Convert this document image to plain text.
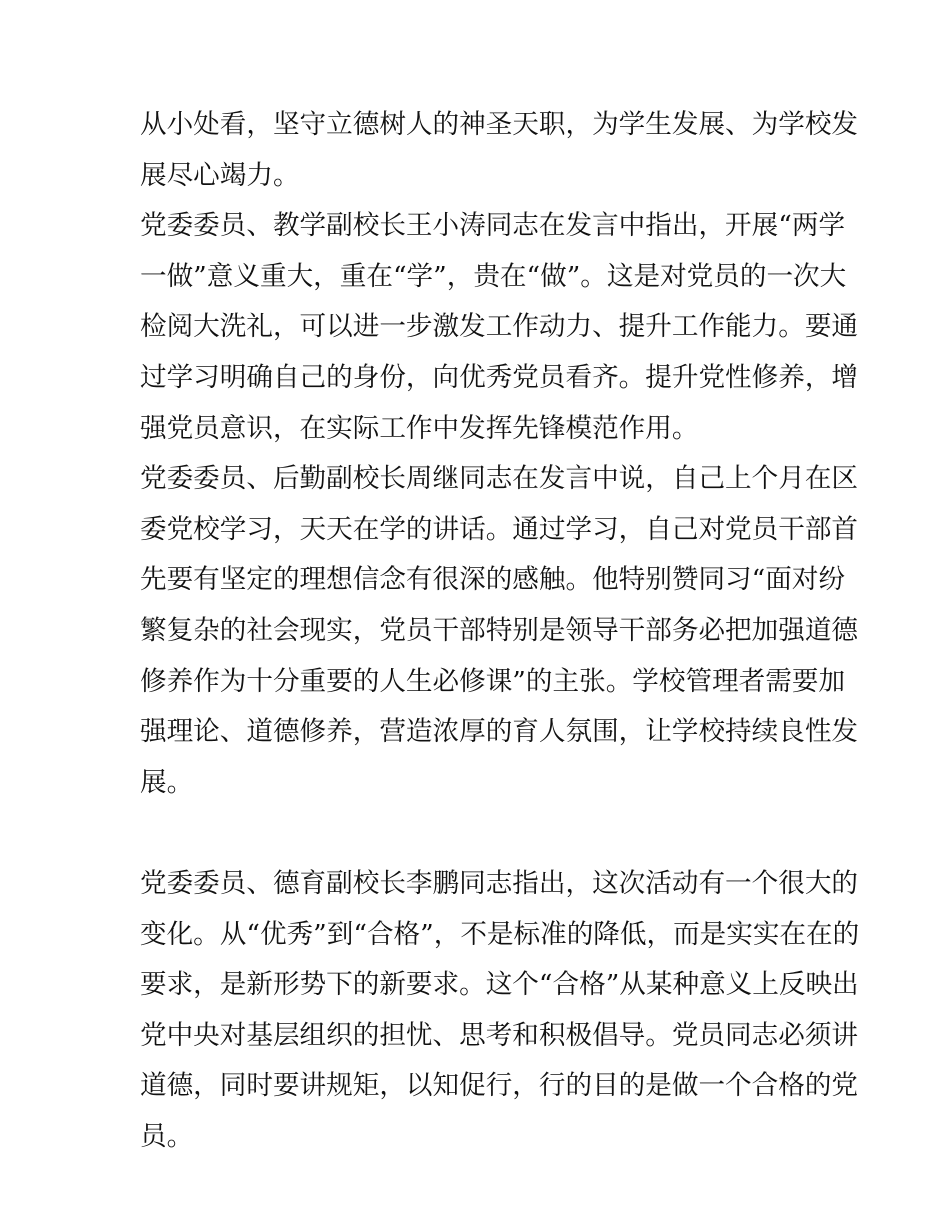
从小处看，坚守立德树人的神圣天职，为学生发展、为学校发
展尽心竭力。
党委委员、教学副校长王小涛同志在发言中指出，开展“两学
一做”意义重大，重在“学”，贵在“做”。这是对党员的一次大
检阅大洗礼，可以进一步激发工作动力、提升工作能力。要通
过学习明确自己的身份，向优秀党员看齐。提升党性修养，增
强党员意识，在实际工作中发挥先锋模范作用。
党委委员、后勤副校长周继同志在发言中说，自己上个月在区
委党校学习，天天在学的讲话。通过学习，自己对党员干部首
先要有坚定的理想信念有很深的感触。他特别赞同习“面对纷
繁复杂的社会现实，党员干部特别是领导干部务必把加强道德
修养作为十分重要的人生必修课”的主张。学校管理者需要加
强理论、道德修养，营造浓厚的育人氛围，让学校持续良性发
展。
党委委员、德育副校长李鹏同志指出，这次活动有一个很大的
变化。从“优秀”到“合格”，不是标准的降低，而是实实在在的
要求，是新形势下的新要求。这个“合格”从某种意义上反映出
党中央对基层组织的担忧、思考和积极倡导。党员同志必须讲
道德，同时要讲规矩，以知促行，行的目的是做一个合格的党
员。
